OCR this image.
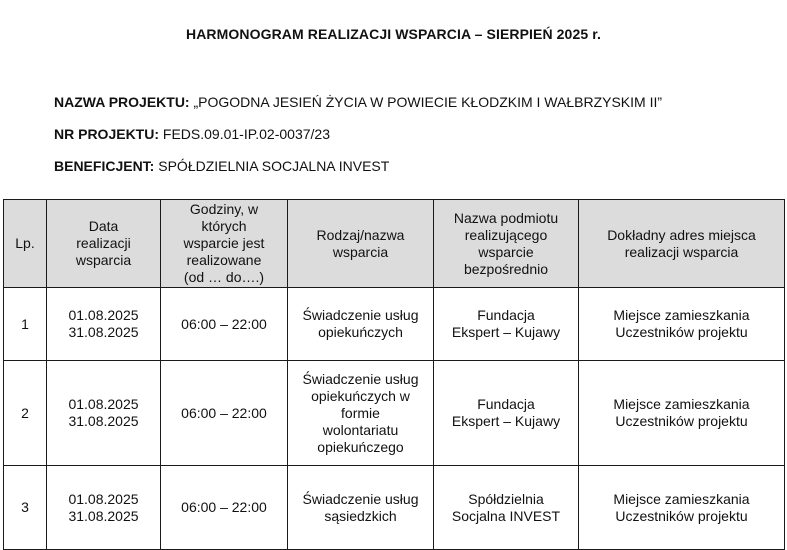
HARMONOGRAM REALIZACJI WSPARCIA – SIERPIEŃ 2025 r.
NAZWA PROJEKTU: „POGODNA JESIEŃ ŻYCIA W POWIECIE KŁODZKIM I WAŁBRZYSKIM II”
NR PROJEKTU: FEDS.09.01-IP.02-0037/23
BENEFICJENT: SPÓŁDZIELNIA SOCJALNA INVEST
Lp.	Data
realizacji
wsparcia	Godziny, w
których
wsparcie jest
realizowane
(od … do….)	Rodzaj/nazwa
wsparcia	Nazwa podmiotu
realizującego
wsparcie
bezpośrednio	Dokładny adres miejsca
realizacji wsparcia

1	01.08.2025
31.08.2025	06:00 – 22:00	Świadczenie usług
opiekuńczych	Fundacja
Ekspert – Kujawy	Miejsce zamieszkania
Uczestników projektu

2	01.08.2025
31.08.2025	06:00 – 22:00	Świadczenie usług
opiekuńczych w
formie
wolontariatu
opiekuńczego	Fundacja
Ekspert – Kujawy	Miejsce zamieszkania
Uczestników projektu

3	01.08.2025
31.08.2025	06:00 – 22:00	Świadczenie usług
sąsiedzkich	Spółdzielnia
Socjalna INVEST	Miejsce zamieszkania
Uczestników projektu
